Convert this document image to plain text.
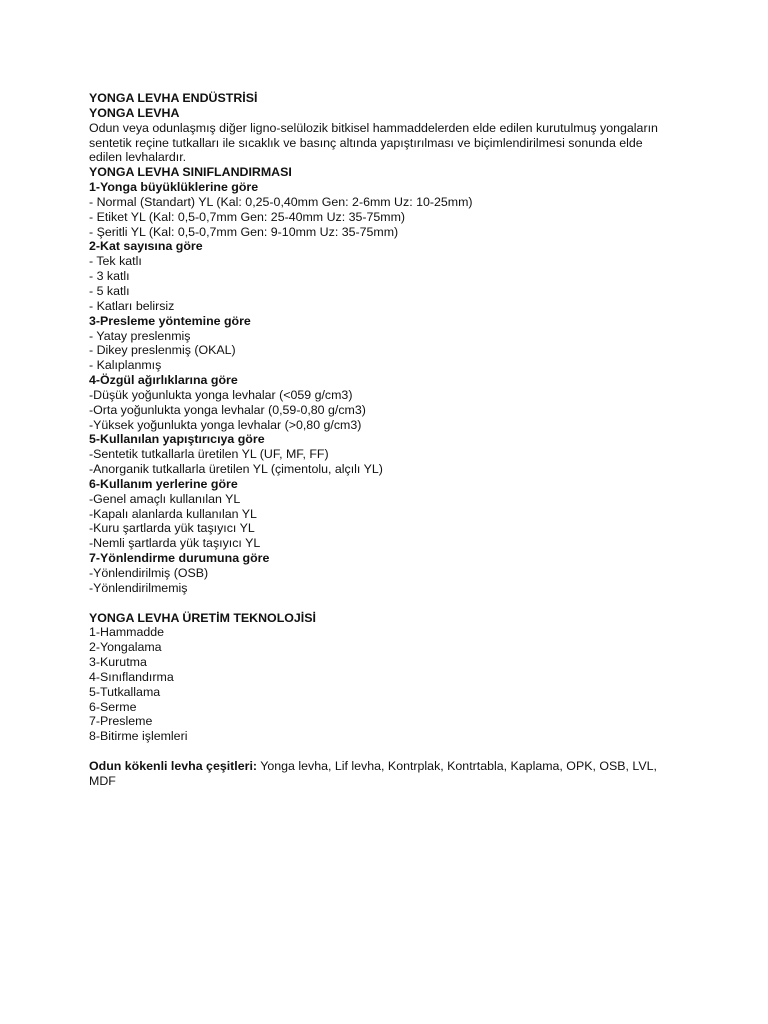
YONGA LEVHA ENDÜSTRİSİ
YONGA LEVHA
Odun veya odunlaşmış diğer ligno-selülozik bitkisel hammaddelerden elde edilen kurutulmuş yongaların
sentetik reçine tutkalları ile sıcaklık ve basınç altında yapıştırılması ve biçimlendirilmesi sonunda elde
edilen levhalardır.
YONGA LEVHA SINIFLANDIRMASI
1-Yonga büyüklüklerine göre
- Normal (Standart) YL (Kal: 0,25-0,40mm Gen: 2-6mm Uz: 10-25mm)
- Etiket YL (Kal: 0,5-0,7mm Gen: 25-40mm Uz: 35-75mm)
- Şeritli YL (Kal: 0,5-0,7mm Gen: 9-10mm Uz: 35-75mm)
2-Kat sayısına göre
- Tek katlı
- 3 katlı
- 5 katlı
- Katları belirsiz
3-Presleme yöntemine göre
- Yatay preslenmiş
- Dikey preslenmiş (OKAL)
- Kalıplanmış
4-Özgül ağırlıklarına göre
-Düşük yoğunlukta yonga levhalar (<059 g/cm3)
-Orta yoğunlukta yonga levhalar (0,59-0,80 g/cm3)
-Yüksek yoğunlukta yonga levhalar (>0,80 g/cm3)
5-Kullanılan yapıştırıcıya göre
-Sentetik tutkallarla üretilen YL (UF, MF, FF)
-Anorganik tutkallarla üretilen YL (çimentolu, alçılı YL)
6-Kullanım yerlerine göre
-Genel amaçlı kullanılan YL
-Kapalı alanlarda kullanılan YL
-Kuru şartlarda yük taşıyıcı YL
-Nemli şartlarda yük taşıyıcı YL
7-Yönlendirme durumuna göre
-Yönlendirilmiş (OSB)
-Yönlendirilmemiş
YONGA LEVHA ÜRETİM TEKNOLOJİSİ
1-Hammadde
2-Yongalama
3-Kurutma
4-Sınıflandırma
5-Tutkallama
6-Serme
7-Presleme
8-Bitirme işlemleri
Odun kökenli levha çeşitleri: Yonga levha, Lif levha, Kontrplak, Kontrtabla, Kaplama, OPK, OSB, LVL, MDF
